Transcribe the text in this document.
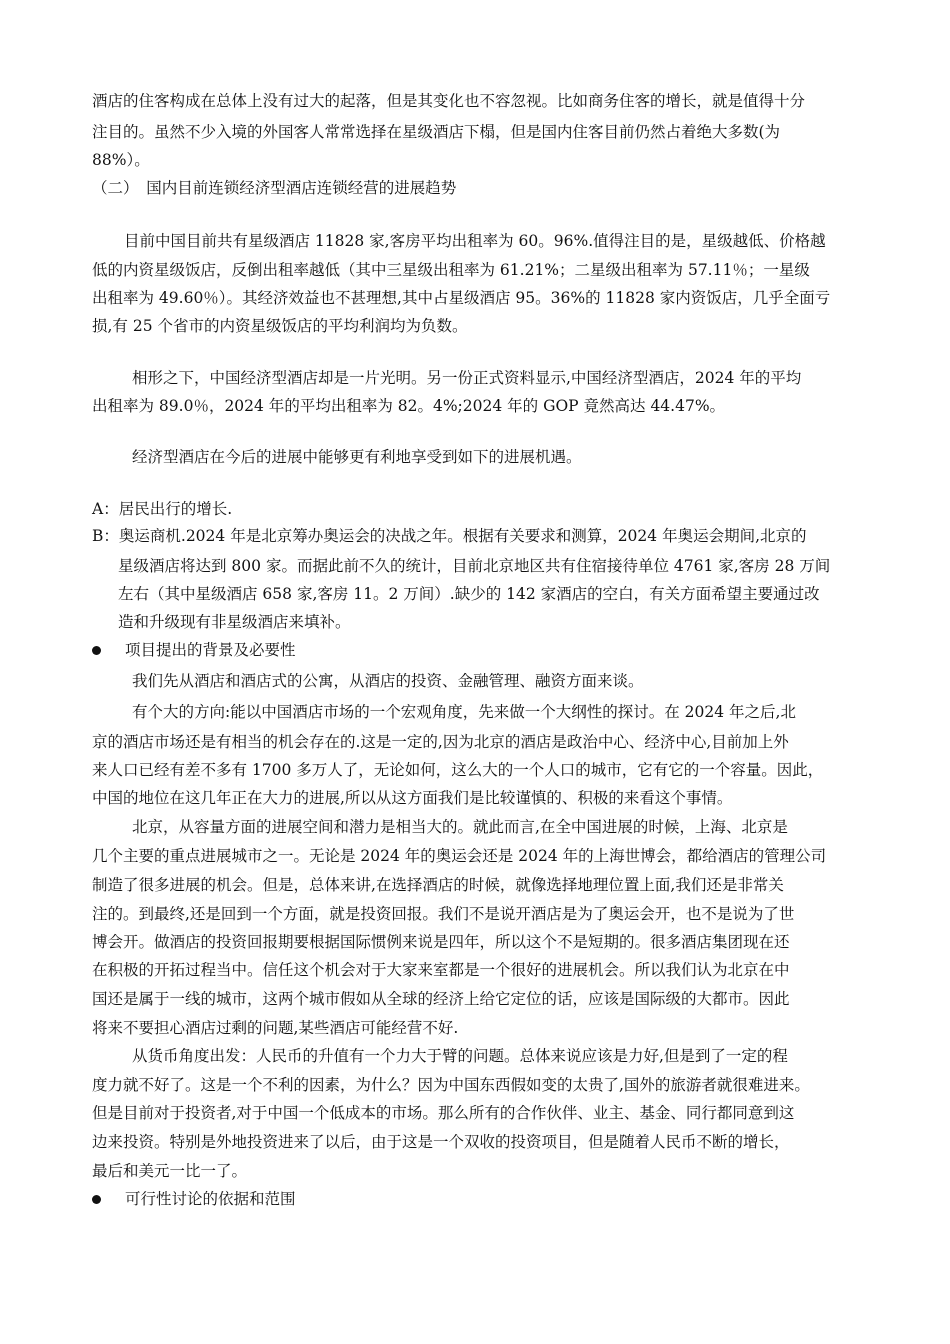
酒店的住客构成在总体上没有过大的起落，但是其变化也不容忽视。比如商务住客的增长，就是值得十分
注目的。虽然不少入境的外国客人常常选择在星级酒店下榻，但是国内住客目前仍然占着绝大多数(为
88%）。
（二）　国内目前连锁经济型酒店连锁经营的进展趋势
目前中国目前共有星级酒店 11828 家,客房平均出租率为 60。96%.值得注目的是，星级越低、价格越
低的内资星级饭店，反倒出租率越低（其中三星级出租率为 61.21%；二星级出租率为 57.11％；一星级
出租率为 49.60％）。其经济效益也不甚理想,其中占星级酒店 95。36%的 11828 家内资饭店，几乎全面亏
损,有 25 个省市的内资星级饭店的平均利润均为负数。
相形之下，中国经济型酒店却是一片光明。另一份正式资料显示,中国经济型酒店，2024 年的平均
出租率为 89.0％，2024 年的平均出租率为 82。4%;2024 年的 GOP 竟然高达 44.47%。
经济型酒店在今后的进展中能够更有利地享受到如下的进展机遇。
A：居民出行的增长.
B：奥运商机.2024 年是北京筹办奥运会的决战之年。根据有关要求和测算，2024 年奥运会期间,北京的
星级酒店将达到 800 家。而据此前不久的统计，目前北京地区共有住宿接待单位 4761 家,客房 28 万间
左右（其中星级酒店 658 家,客房 11。2 万间）.缺少的 142 家酒店的空白，有关方面希望主要通过改
造和升级现有非星级酒店来填补。
项目提出的背景及必要性
我们先从酒店和酒店式的公寓，从酒店的投资、金融管理、融资方面来谈。
有个大的方向:能以中国酒店市场的一个宏观角度，先来做一个大纲性的探讨。在 2024 年之后,北
京的酒店市场还是有相当的机会存在的.这是一定的,因为北京的酒店是政治中心、经济中心,目前加上外
来人口已经有差不多有 1700 多万人了，无论如何，这么大的一个人口的城市，它有它的一个容量。因此，
中国的地位在这几年正在大力的进展,所以从这方面我们是比较谨慎的、积极的来看这个事情。
北京，从容量方面的进展空间和潜力是相当大的。就此而言,在全中国进展的时候，上海、北京是
几个主要的重点进展城市之一。无论是 2024 年的奥运会还是 2024 年的上海世博会，都给酒店的管理公司
制造了很多进展的机会。但是，总体来讲,在选择酒店的时候，就像选择地理位置上面,我们还是非常关
注的。到最终,还是回到一个方面，就是投资回报。我们不是说开酒店是为了奥运会开，也不是说为了世
博会开。做酒店的投资回报期要根据国际惯例来说是四年，所以这个不是短期的。很多酒店集团现在还
在积极的开拓过程当中。信任这个机会对于大家来室都是一个很好的进展机会。所以我们认为北京在中
国还是属于一线的城市，这两个城市假如从全球的经济上给它定位的话，应该是国际级的大都市。因此
将来不要担心酒店过剩的问题,某些酒店可能经营不好.
从货币角度出发：人民币的升值有一个力大于臂的问题。总体来说应该是力好,但是到了一定的程
度力就不好了。这是一个不利的因素，为什么？因为中国东西假如变的太贵了,国外的旅游者就很难进来。
但是目前对于投资者,对于中国一个低成本的市场。那么所有的合作伙伴、业主、基金、同行都同意到这
边来投资。特别是外地投资进来了以后，由于这是一个双收的投资项目，但是随着人民币不断的增长，
最后和美元一比一了。
可行性讨论的依据和范围
